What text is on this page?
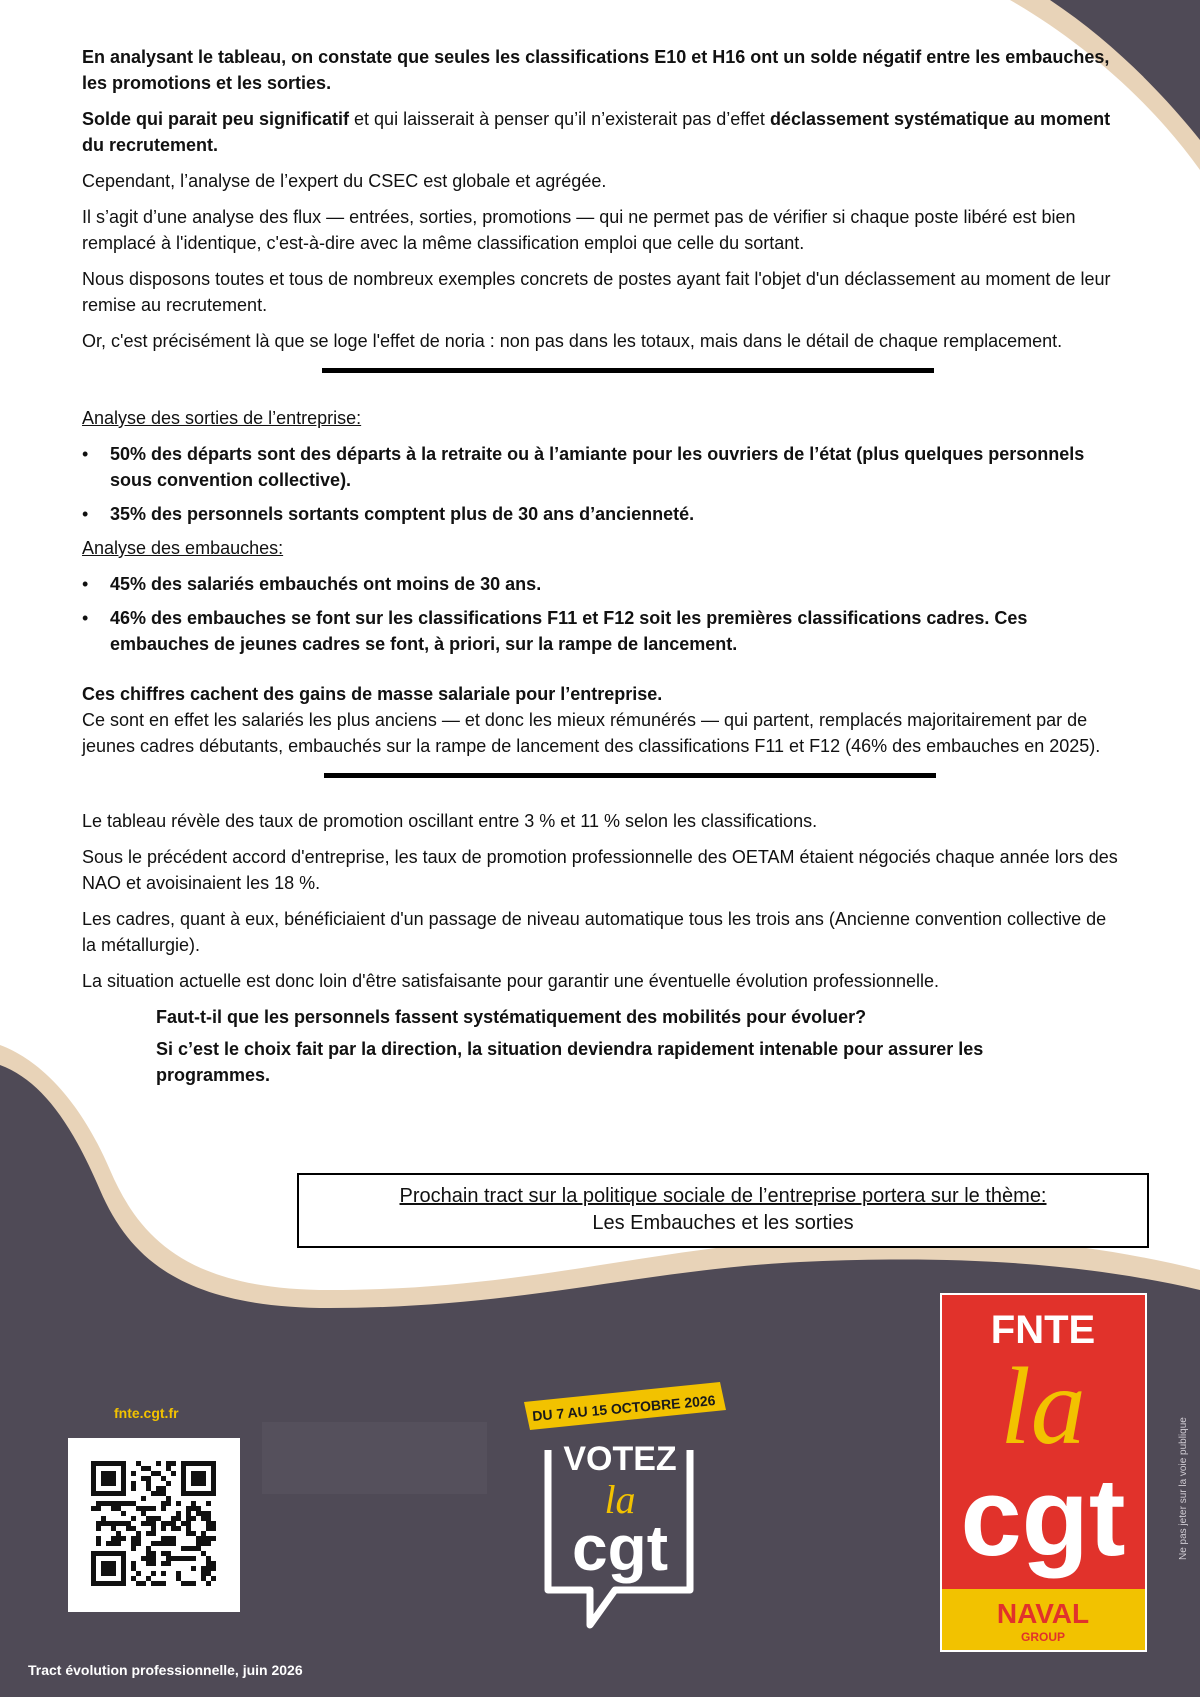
En analysant le tableau, on constate que seules les classifications E10 et H16 ont un solde négatif entre les embauches, les promotions et les sorties.

Solde qui parait peu significatif et qui laisserait à penser qu’il n’existerait pas d’effet déclassement systématique au moment du recrutement.

Cependant, l’analyse de l’expert du CSEC est globale et agrégée.

Il s’agit d’une analyse des flux — entrées, sorties, promotions — qui ne permet pas de vérifier si chaque poste libéré est bien remplacé à l'identique, c'est-à-dire avec la même classification emploi que celle du sortant.

Nous disposons toutes et tous de nombreux exemples concrets de postes ayant fait l'objet d'un déclassement au moment de leur remise au recrutement.

Or, c'est précisément là que se loge l'effet de noria : non pas dans les totaux, mais dans le détail de chaque remplacement.

Analyse des sorties de l’entreprise:

• 50% des départs sont des départs à la retraite ou à l’amiante pour les ouvriers de l’état (plus quelques personnels sous convention collective).
• 35% des personnels sortants comptent plus de 30 ans d’ancienneté.

Analyse des embauches:

• 45% des salariés embauchés ont moins de 30 ans.
• 46% des embauches se font sur les classifications F11 et F12 soit les premières classifications cadres. Ces embauches de jeunes cadres se font, à priori, sur la rampe de lancement.

Ces chiffres cachent des gains de masse salariale pour l’entreprise.

Ce sont en effet les salariés les plus anciens — et donc les mieux rémunérés — qui partent, remplacés majoritairement par de jeunes cadres débutants, embauchés sur la rampe de lancement des classifications F11 et F12 (46% des embauches en 2025).

Le tableau révèle des taux de promotion oscillant entre 3 % et 11 % selon les classifications.

Sous le précédent accord d'entreprise, les taux de promotion professionnelle des OETAM étaient négociés chaque année lors des NAO et avoisinaient les 18 %.

Les cadres, quant à eux, bénéficiaient d'un passage de niveau automatique tous les trois ans (Ancienne convention collective de la métallurgie).

La situation actuelle est donc loin d'être satisfaisante pour garantir une éventuelle évolution professionnelle.

Faut-t-il que les personnels fassent systématiquement des mobilités pour évoluer?

Si c’est le choix fait par la direction, la situation deviendra rapidement intenable pour assurer les programmes.

Prochain tract sur la politique sociale de l’entreprise portera sur le thème:
Les Embauches et les sorties
fnte.cgt.fr	DU 7 AU 15 OCTOBRE 2026
VOTEZ
la
cgt
FNTE
la
cgt
NAVAL
GROUP
Ne pas jeter sur la voie publique
Tract évolution professionnelle, juin 2026
